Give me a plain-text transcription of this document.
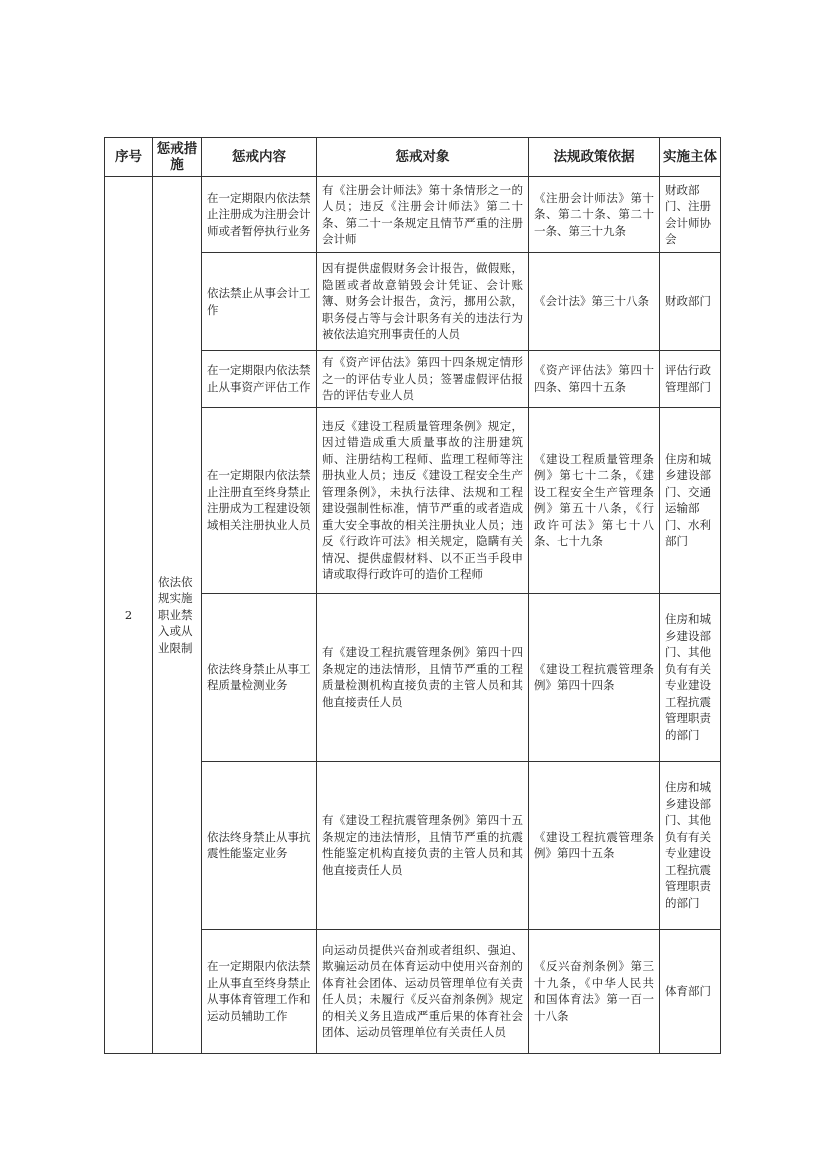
序号	惩戒措施	惩戒内容	惩戒对象	法规政策依据	实施主体
2	依法依规实施职业禁入或从业限制	在一定期限内依法禁止注册成为注册会计师或者暂停执行业务	有《注册会计师法》第十条情形之一的人员；违反《注册会计师法》第二十条、第二十一条规定且情节严重的注册会计师	《注册会计师法》第十条、第二十条、第二十一条、第三十九条	财政部门、注册会计师协会
		依法禁止从事会计工作	因有提供虚假财务会计报告，做假账，隐匿或者故意销毁会计凭证、会计账簿、财务会计报告，贪污，挪用公款，职务侵占等与会计职务有关的违法行为被依法追究刑事责任的人员	《会计法》第三十八条	财政部门
		在一定期限内依法禁止从事资产评估工作	有《资产评估法》第四十四条规定情形之一的评估专业人员；签署虚假评估报告的评估专业人员	《资产评估法》第四十四条、第四十五条	评估行政管理部门
		在一定期限内依法禁止注册直至终身禁止注册成为工程建设领域相关注册执业人员	违反《建设工程质量管理条例》规定，因过错造成重大质量事故的注册建筑师、注册结构工程师、监理工程师等注册执业人员；违反《建设工程安全生产管理条例》，未执行法律、法规和工程建设强制性标准，情节严重的或者造成重大安全事故的相关注册执业人员；违反《行政许可法》相关规定，隐瞒有关情况、提供虚假材料、以不正当手段申请或取得行政许可的造价工程师	《建设工程质量管理条例》第七十二条，《建设工程安全生产管理条例》第五十八条，《行政许可法》第七十八条、七十九条	住房和城乡建设部门、交通运输部门、水利部门
		依法终身禁止从事工程质量检测业务	有《建设工程抗震管理条例》第四十四条规定的违法情形，且情节严重的工程质量检测机构直接负责的主管人员和其他直接责任人员	《建设工程抗震管理条例》第四十四条	住房和城乡建设部门、其他负有有关专业建设工程抗震管理职责的部门
		依法终身禁止从事抗震性能鉴定业务	有《建设工程抗震管理条例》第四十五条规定的违法情形，且情节严重的抗震性能鉴定机构直接负责的主管人员和其他直接责任人员	《建设工程抗震管理条例》第四十五条	住房和城乡建设部门、其他负有有关专业建设工程抗震管理职责的部门
		在一定期限内依法禁止从事直至终身禁止从事体育管理工作和运动员辅助工作	向运动员提供兴奋剂或者组织、强迫、欺骗运动员在体育运动中使用兴奋剂的体育社会团体、运动员管理单位有关责任人员；未履行《反兴奋剂条例》规定的相关义务且造成严重后果的体育社会团体、运动员管理单位有关责任人员	《反兴奋剂条例》第三十九条，《中华人民共和国体育法》第一百一十八条	体育部门
